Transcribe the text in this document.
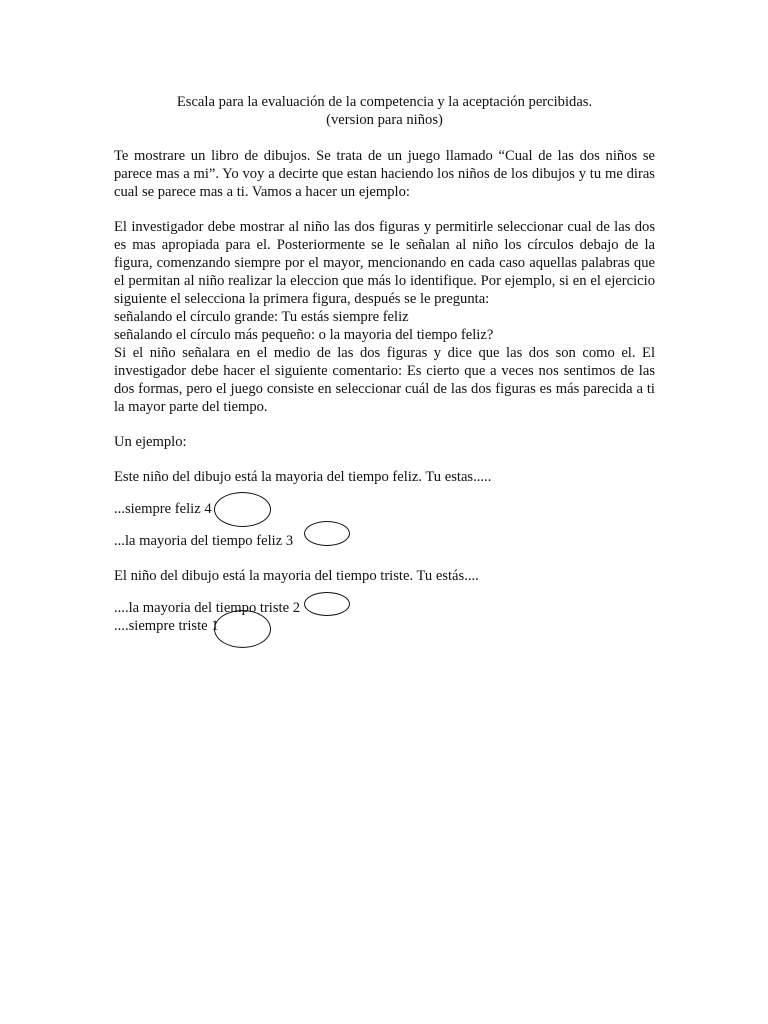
Escala para la evaluación de la competencia y la aceptación percibidas.
(version para niños)

Te mostrare un libro de dibujos. Se trata de un juego llamado “Cual de las dos niños se parece mas a mi”. Yo voy a decirte que estan haciendo los niños de los dibujos y tu me diras cual se parece mas a ti. Vamos a hacer un ejemplo:

El investigador debe mostrar al niño las dos figuras y permitirle seleccionar cual de las dos es mas apropiada para el. Posteriormente se le señalan al niño los círculos debajo de la figura, comenzando siempre por el mayor, mencionando en cada caso aquellas palabras que el permitan al niño realizar la eleccion que más lo identifique. Por ejemplo, si en el ejercicio siguiente el selecciona la primera figura, después se le pregunta:

señalando el círculo grande: Tu estás siempre feliz

señalando el círculo más pequeño: o la mayoria del tiempo feliz?

Si el niño señalara en el medio de las dos figuras y dice que las dos son como el. El investigador debe hacer el siguiente comentario: Es cierto que a veces nos sentimos de las dos formas, pero el juego consiste en seleccionar cuál de las dos figuras es más parecida a ti la mayor parte del tiempo.

Un ejemplo:

Este niño del dibujo está la mayoria del tiempo feliz. Tu estas.....

...siempre feliz 4
...la mayoria del tiempo feliz 3

El niño del dibujo está la mayoria del tiempo triste. Tu estás....

....la mayoria del tiempo triste 2
....siempre triste 1
